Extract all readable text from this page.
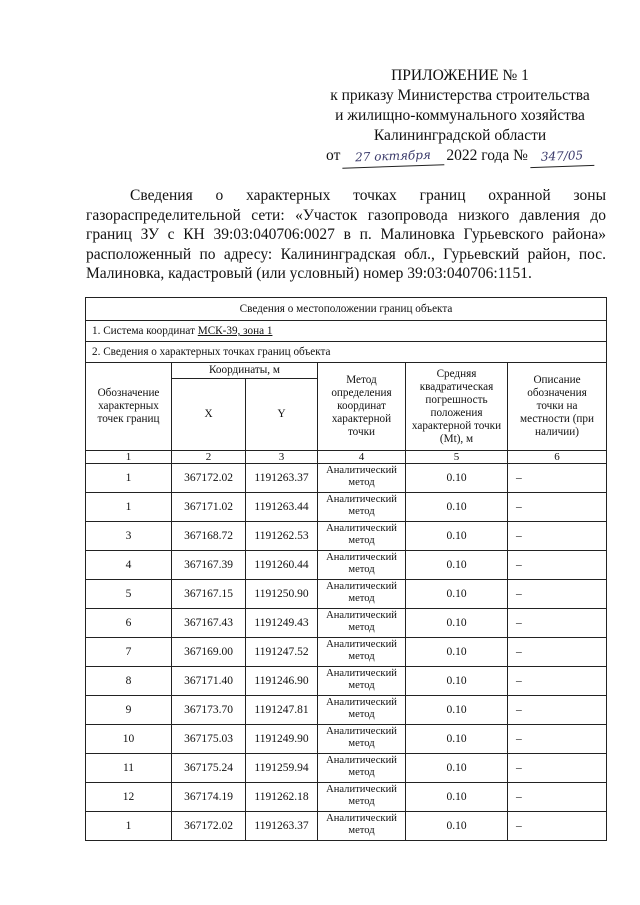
ПРИЛОЖЕНИЕ № 1
к приказу Министерства строительства
и жилищно-коммунального хозяйства
Калининградской области
от	27 октября 2022 года №	347/05

Сведения о характерных точках границ охранной зоны газораспределительной сети: «Участок газопровода низкого давления до границ ЗУ с КН 39:03:040706:0027 в п. Малиновка Гурьевского района» расположенный по адресу: Калининградская обл., Гурьевский район, пос. Малиновка, кадастровый (или условный) номер 39:03:040706:1151.

Сведения о местоположении границ объекта					
1. Система координат МСК-39, зона 1					
2. Сведения о характерных точках границ объекта					
Обозначение характерных точек границ	Координаты, м		Метод определения координат характерной точки	Средняя квадратическая погрешность положения характерной точки (Mt), м	Описание обозначения точки на местности (при наличии)
	X	Y			
1	2	3	4	5	6
1	367172.02	1191263.37	Аналитический метод	0.10	–
1	367171.02	1191263.44	Аналитический метод	0.10	–
3	367168.72	1191262.53	Аналитический метод	0.10	–
4	367167.39	1191260.44	Аналитический метод	0.10	–
5	367167.15	1191250.90	Аналитический метод	0.10	–
6	367167.43	1191249.43	Аналитический метод	0.10	–
7	367169.00	1191247.52	Аналитический метод	0.10	–
8	367171.40	1191246.90	Аналитический метод	0.10	–
9	367173.70	1191247.81	Аналитический метод	0.10	–
10	367175.03	1191249.90	Аналитический метод	0.10	–
11	367175.24	1191259.94	Аналитический метод	0.10	–
12	367174.19	1191262.18	Аналитический метод	0.10	–
1	367172.02	1191263.37	Аналитический метод	0.10	–
